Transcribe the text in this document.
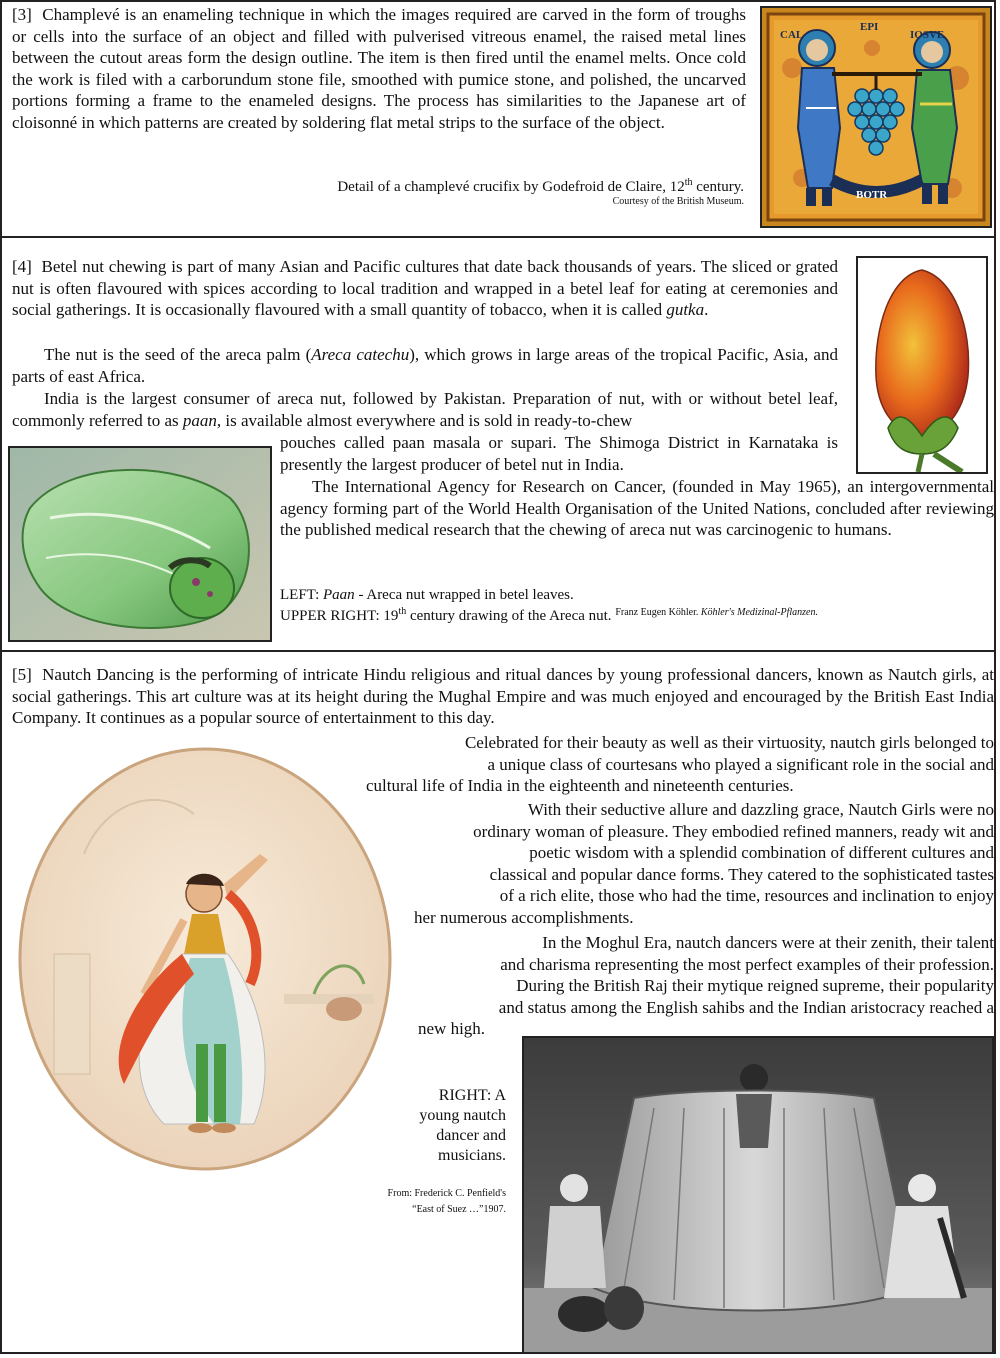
[3] Champlevé is an enameling technique in which the images required are carved in the form of troughs or cells into the surface of an object and filled with pulverised vitreous enamel, the raised metal lines between the cutout areas form the design outline. The item is then fired until the enamel melts. Once cold the work is filed with a carborundum stone file, smoothed with pumice stone, and polished, the uncarved portions forming a frame to the enameled designs. The process has similarities to the Japanese art of cloisonné in which patterns are created by soldering flat metal strips to the surface of the object.
Detail of a champlevé crucifix by Godefroid de Claire, 12th century.
Courtesy of the British Museum.
CAL
EPI
IOSVE
BOTR
[4] Betel nut chewing is part of many Asian and Pacific cultures that date back thousands of years. The sliced or grated nut is often flavoured with spices according to local tradition and wrapped in a betel leaf for eating at ceremonies and social gatherings. It is occasionally flavoured with a small quantity of tobacco, when it is called gutka.
The nut is the seed of the areca palm (Areca catechu), which grows in large areas of the tropical Pacific, Asia, and parts of east Africa.
India is the largest consumer of areca nut, followed by Pakistan. Preparation of nut, with or without betel leaf, commonly referred to as paan, is available almost everywhere and is sold in ready-to-chew
pouches called paan masala or supari. The Shimoga District in Karnataka is presently the largest producer of betel nut in India.
The International Agency for Research on Cancer, (founded in May 1965), an intergovernmental agency forming part of the World Health Organisation of the United Nations, concluded after reviewing the published medical research that the chewing of areca nut was carcinogenic to humans.
LEFT: Paan - Areca nut wrapped in betel leaves.
UPPER RIGHT: 19th century drawing of the Areca nut. $^{Franz Eugen Köhler. Köhler's Medizinal-Pflanzen.}$
[5] Nautch Dancing is the performing of intricate Hindu religious and ritual dances by young professional dancers, known as Nautch girls, at social gatherings. This art culture was at its height during the Mughal Empire and was much enjoyed and encouraged by the British East India Company. It continues as a popular source of entertainment to this day.
Celebrated for their beauty as well as their virtuosity, nautch girls belonged to
a unique class of courtesans who played a significant role in the social and
cultural life of India in the eighteenth and nineteenth centuries.
With their seductive allure and dazzling grace, Nautch Girls were no
ordinary woman of pleasure. They embodied refined manners, ready wit and
poetic wisdom with a splendid combination of different cultures and
classical and popular dance forms. They catered to the sophisticated tastes
of a rich elite, those who had the time, resources and inclination to enjoy
her numerous accomplishments.
In the Moghul Era, nautch dancers were at their zenith, their talent
and charisma representing the most perfect examples of their profession.
During the British Raj their mytique reigned supreme, their popularity
and status among the English sahibs and the Indian aristocracy reached a
new high.
RIGHT: A
young nautch
dancer and
musicians.
From: Frederick C. Penfield's
“East of Suez …”1907.
